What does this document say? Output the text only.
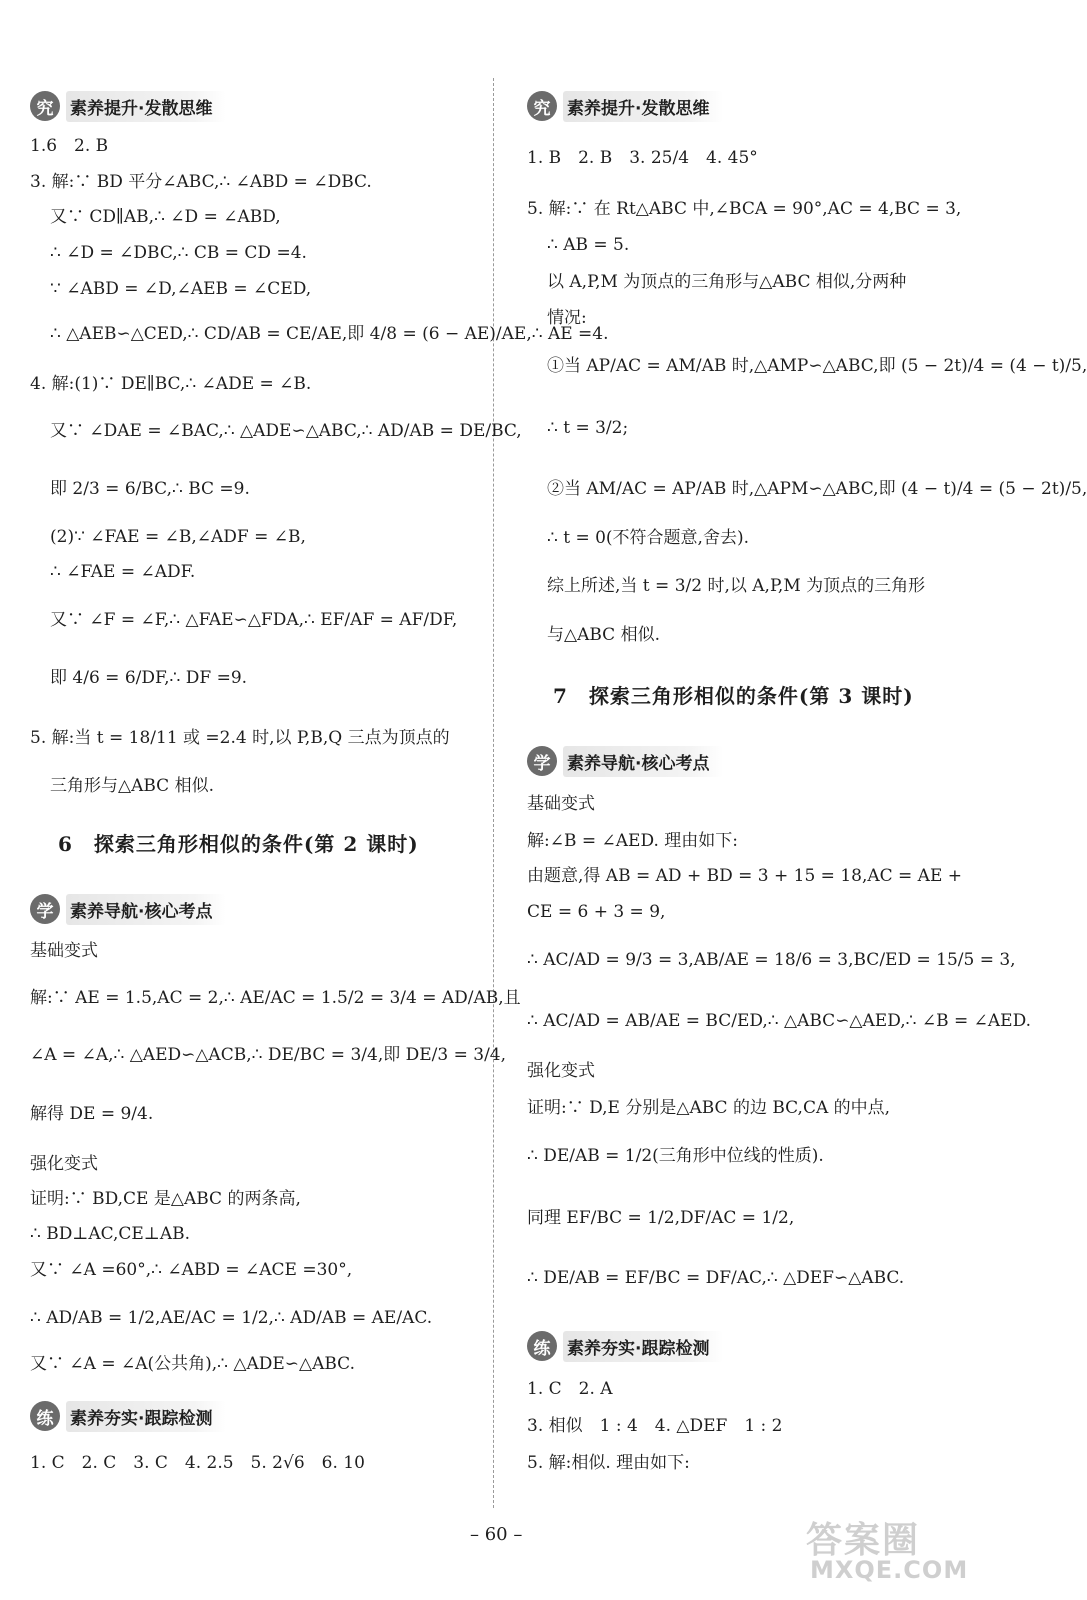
究 素养提升·发散思维
1.6　2. B
3. 解:∵ BD 平分∠ABC,∴ ∠ABD = ∠DBC.
又∵ CD∥AB,∴ ∠D = ∠ABD,
∴ ∠D = ∠DBC,∴ CB = CD =4.
∵ ∠ABD = ∠D,∠AEB = ∠CED,
∴ △AEB∽△CED,∴ CD/AB = CE/AE,即 4/8 = (6 − AE)/AE,∴ AE =4.
4. 解:(1)∵ DE∥BC,∴ ∠ADE = ∠B.
又∵ ∠DAE = ∠BAC,∴ △ADE∽△ABC,∴ AD/AB = DE/BC,
即 2/3 = 6/BC,∴ BC =9.
(2)∵ ∠FAE = ∠B,∠ADF = ∠B,
∴ ∠FAE = ∠ADF.
又∵ ∠F = ∠F,∴ △FAE∽△FDA,∴ EF/AF = AF/DF,
即 4/6 = 6/DF,∴ DF =9.
5. 解:当 t = 18/11 或 =2.4 时,以 P,B,Q 三点为顶点的
三角形与△ABC 相似.
6　探索三角形相似的条件(第 2 课时)
学 素养导航·核心考点
基础变式
解:∵ AE = 1.5,AC = 2,∴ AE/AC = 1.5/2 = 3/4 = AD/AB,且
∠A = ∠A,∴ △AED∽△ACB,∴ DE/BC = 3/4,即 DE/3 = 3/4,
解得 DE = 9/4.
强化变式
证明:∵ BD,CE 是△ABC 的两条高,
∴ BD⊥AC,CE⊥AB.
又∵ ∠A =60°,∴ ∠ABD = ∠ACE =30°,
∴ AD/AB = 1/2,AE/AC = 1/2,∴ AD/AB = AE/AC.
又∵ ∠A = ∠A(公共角),∴ △ADE∽△ABC.
练 素养夯实·跟踪检测
1. C　2. C　3. C　4. 2.5　5. 2√6　6. 10
究 素养提升·发散思维
1. B　2. B　3. 25/4　4. 45°
5. 解:∵ 在 Rt△ABC 中,∠BCA = 90°,AC = 4,BC = 3,
∴ AB = 5.
以 A,P,M 为顶点的三角形与△ABC 相似,分两种
情况:
①当 AP/AC = AM/AB 时,△AMP∽△ABC,即 (5 − 2t)/4 = (4 − t)/5,
∴ t = 3/2;
②当 AM/AC = AP/AB 时,△APM∽△ABC,即 (4 − t)/4 = (5 − 2t)/5,
∴ t = 0(不符合题意,舍去).
综上所述,当 t = 3/2 时,以 A,P,M 为顶点的三角形
与△ABC 相似.
7　探索三角形相似的条件(第 3 课时)
学 素养导航·核心考点
基础变式
解:∠B = ∠AED. 理由如下:
由题意,得 AB = AD + BD = 3 + 15 = 18,AC = AE +
CE = 6 + 3 = 9,
∴ AC/AD = 9/3 = 3,AB/AE = 18/6 = 3,BC/ED = 15/5 = 3,
∴ AC/AD = AB/AE = BC/ED,∴ △ABC∽△AED,∴ ∠B = ∠AED.
强化变式
证明:∵ D,E 分别是△ABC 的边 BC,CA 的中点,
∴ DE/AB = 1/2(三角形中位线的性质).
同理 EF/BC = 1/2,DF/AC = 1/2,
∴ DE/AB = EF/BC = DF/AC,∴ △DEF∽△ABC.
练 素养夯实·跟踪检测
1. C　2. A
3. 相似　1 : 4　4. △DEF　1 : 2
5. 解:相似. 理由如下:
– 60 –	答案圈
MXQE.COM
